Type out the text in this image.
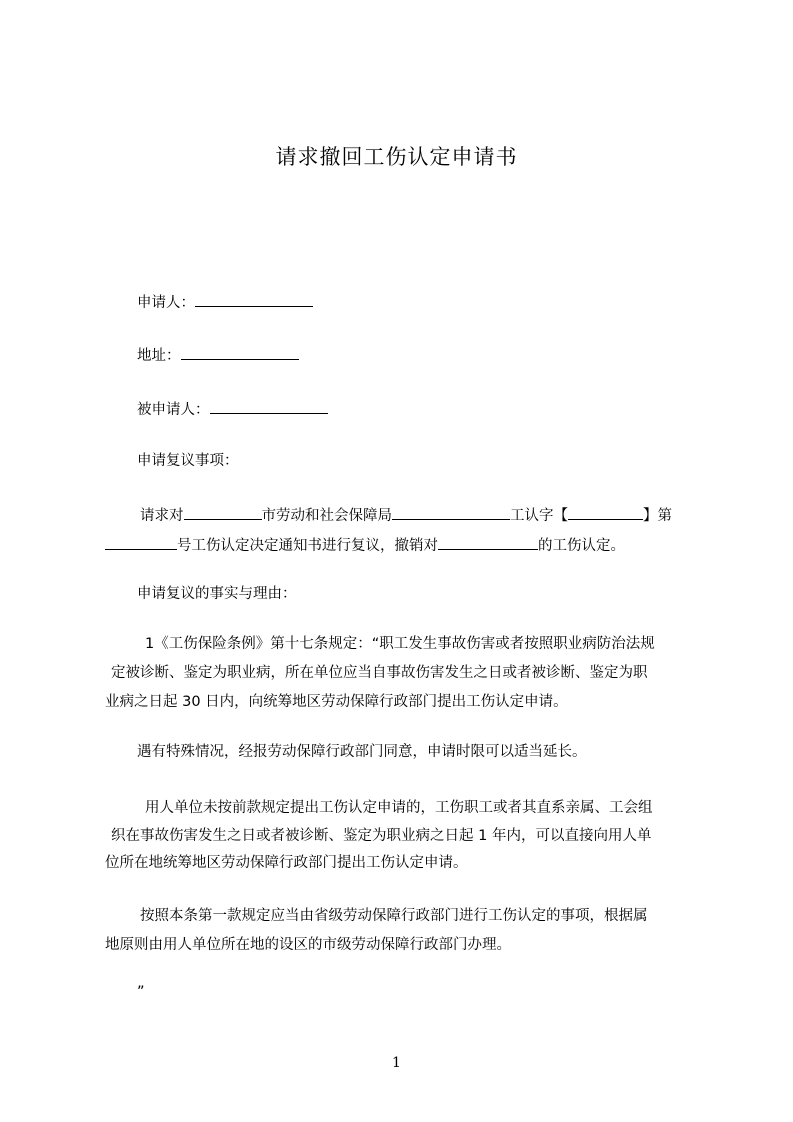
请求撤回工伤认定申请书

申请人：

地址：

被申请人：

申请复议事项：

请求对	市劳动和社会保障局	工认字【	】第

号工伤认定决定通知书进行复议，撤销对	的工伤认定。

申请复议的事实与理由：

1《工伤保险条例》第十七条规定：“职工发生事故伤害或者按照职业病防治法规

定被诊断、鉴定为职业病，所在单位应当自事故伤害发生之日或者被诊断、鉴定为职

业病之日起 30 日内，向统筹地区劳动保障行政部门提出工伤认定申请。

遇有特殊情况，经报劳动保障行政部门同意，申请时限可以适当延长。

用人单位未按前款规定提出工伤认定申请的，工伤职工或者其直系亲属、工会组

织在事故伤害发生之日或者被诊断、鉴定为职业病之日起 1 年内，可以直接向用人单

位所在地统筹地区劳动保障行政部门提出工伤认定申请。

按照本条第一款规定应当由省级劳动保障行政部门进行工伤认定的事项，根据属

地原则由用人单位所在地的设区的市级劳动保障行政部门办理。

”

1
